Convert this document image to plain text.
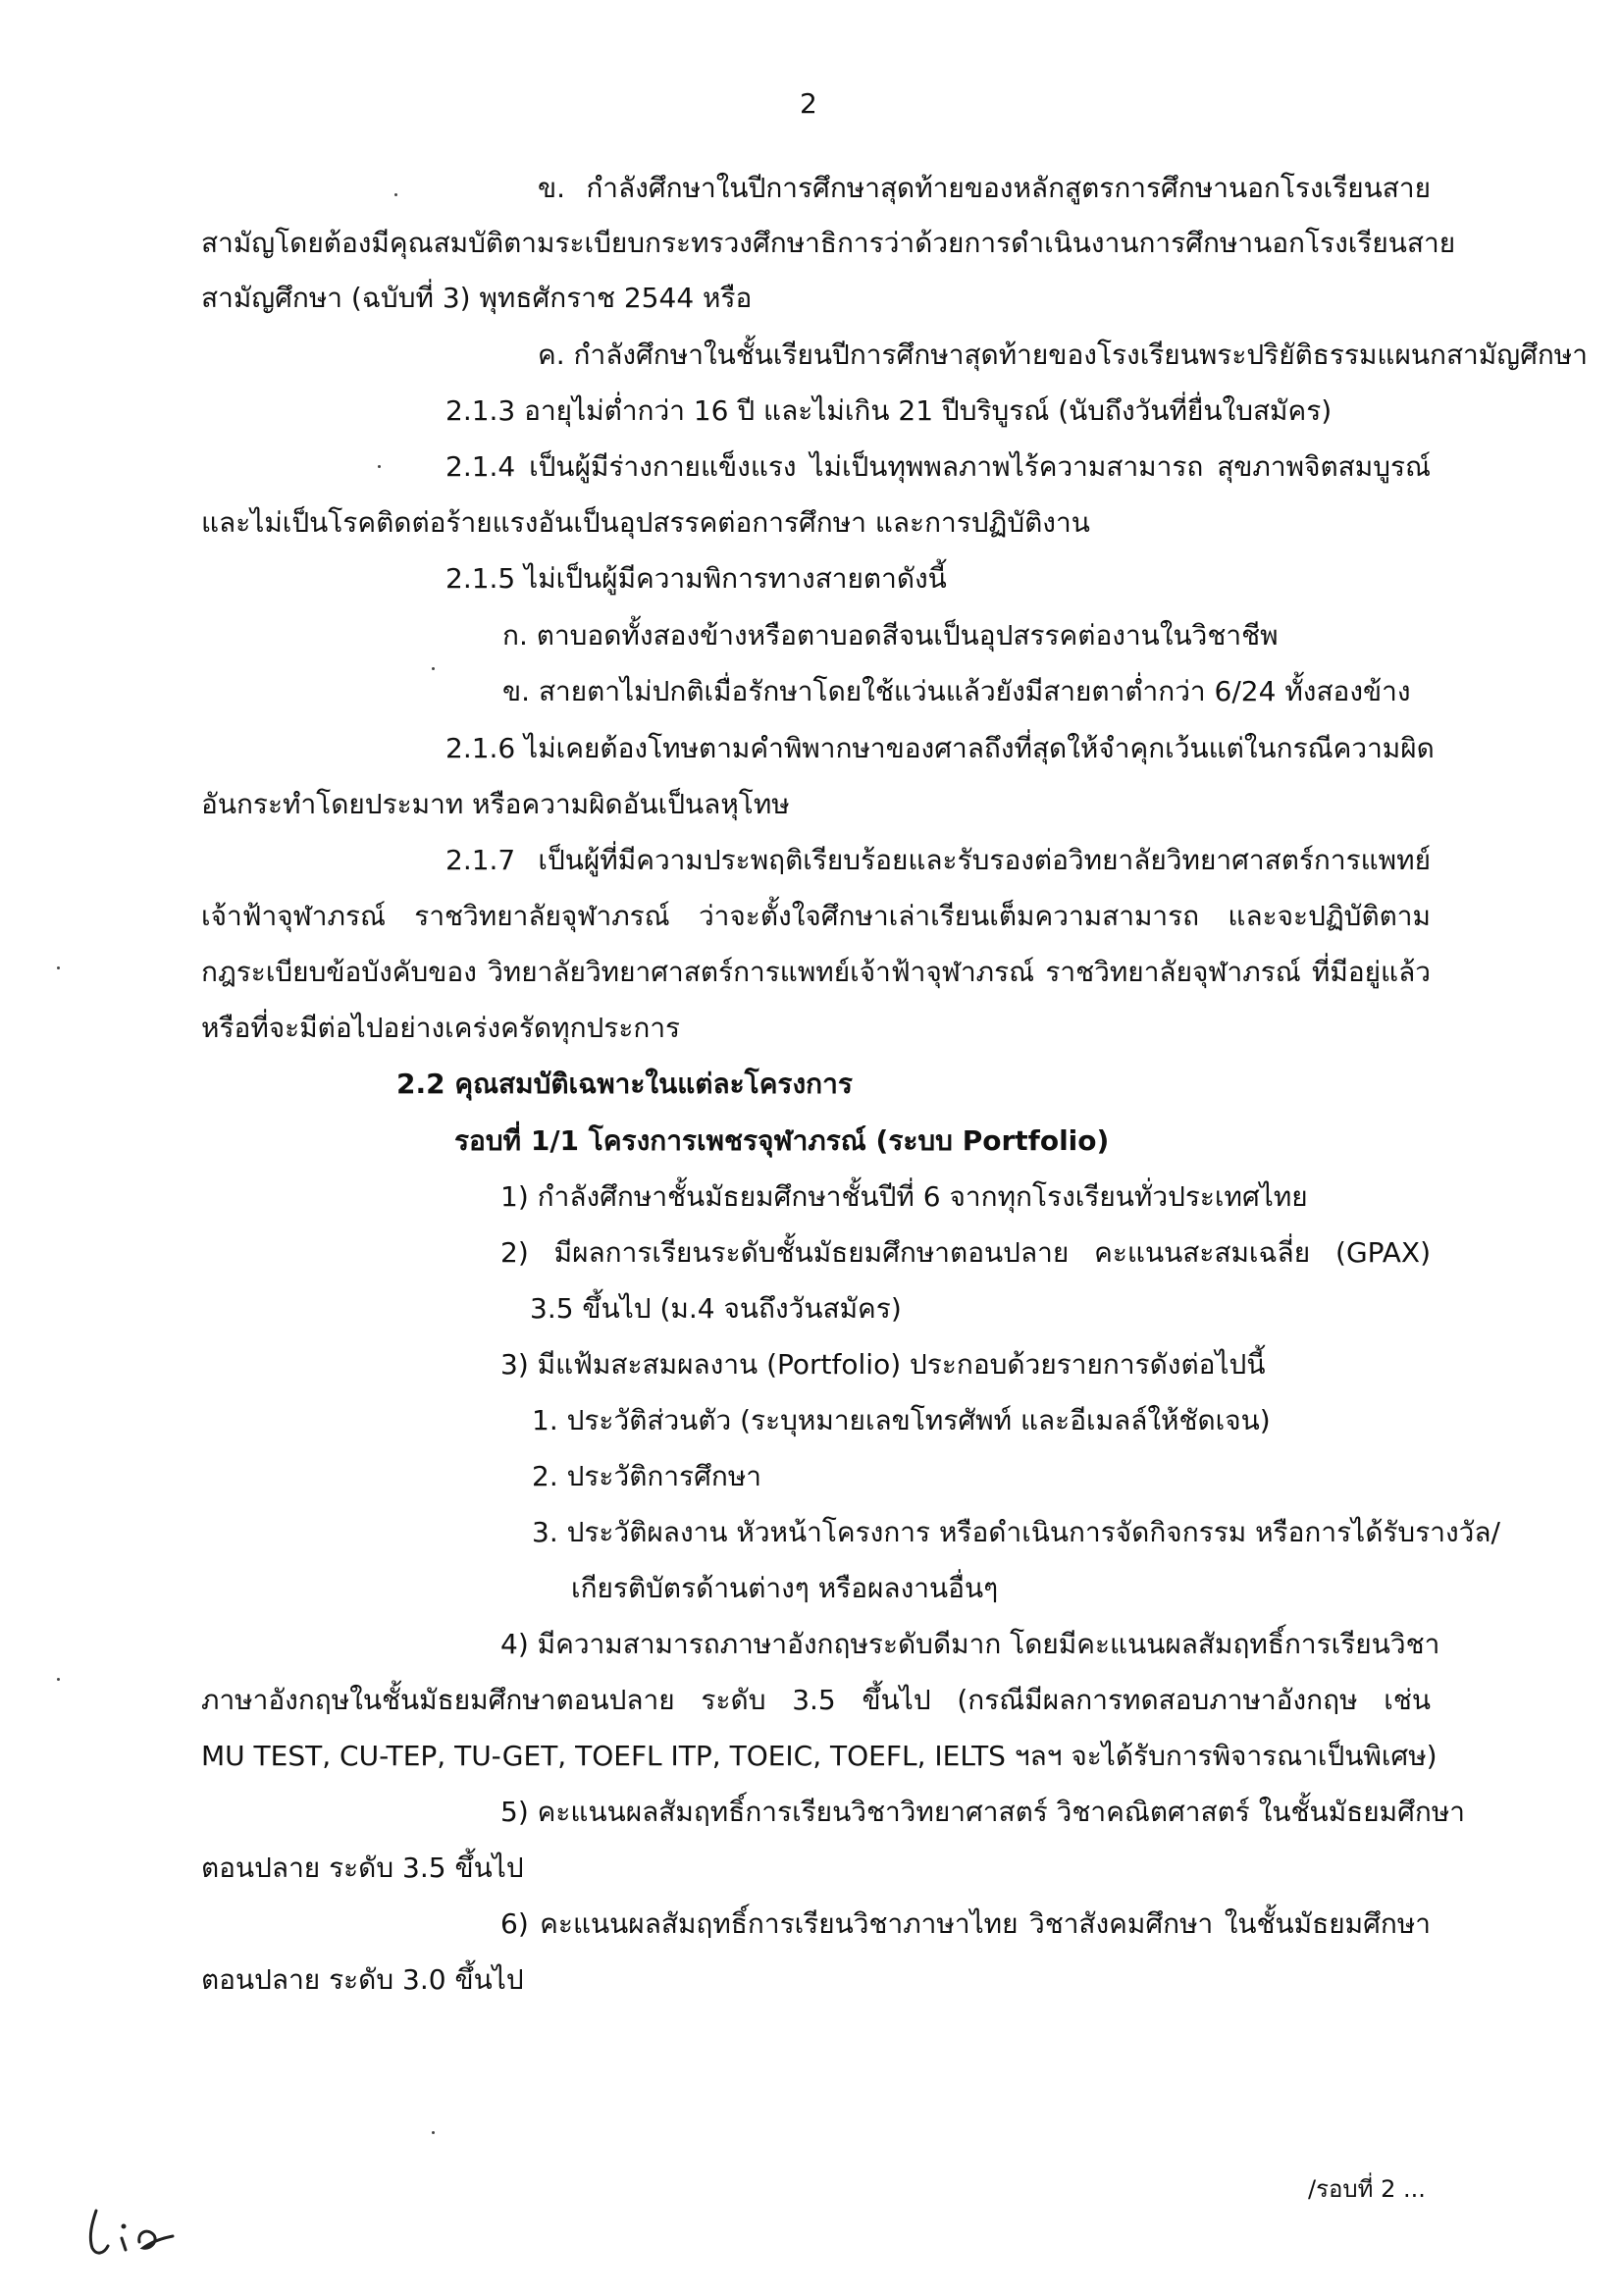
2
ข. กำลังศึกษาในปีการศึกษาสุดท้ายของหลักสูตรการศึกษานอกโรงเรียนสาย
สามัญโดยต้องมีคุณสมบัติตามระเบียบกระทรวงศึกษาธิการว่าด้วยการดำเนินงานการศึกษานอกโรงเรียนสาย
สามัญศึกษา (ฉบับที่ 3) พุทธศักราช 2544 หรือ
ค. กำลังศึกษาในชั้นเรียนปีการศึกษาสุดท้ายของโรงเรียนพระปริยัติธรรมแผนกสามัญศึกษา
2.1.3 อายุไม่ต่ำกว่า 16 ปี และไม่เกิน 21 ปีบริบูรณ์ (นับถึงวันที่ยื่นใบสมัคร)
2.1.4 เป็นผู้มีร่างกายแข็งแรง ไม่เป็นทุพพลภาพไร้ความสามารถ สุขภาพจิตสมบูรณ์
และไม่เป็นโรคติดต่อร้ายแรงอันเป็นอุปสรรคต่อการศึกษา และการปฏิบัติงาน
2.1.5 ไม่เป็นผู้มีความพิการทางสายตาดังนี้
ก. ตาบอดทั้งสองข้างหรือตาบอดสีจนเป็นอุปสรรคต่องานในวิชาชีพ
ข. สายตาไม่ปกติเมื่อรักษาโดยใช้แว่นแล้วยังมีสายตาต่ำกว่า 6/24 ทั้งสองข้าง
2.1.6 ไม่เคยต้องโทษตามคำพิพากษาของศาลถึงที่สุดให้จำคุกเว้นแต่ในกรณีความผิด
อันกระทำโดยประมาท หรือความผิดอันเป็นลหุโทษ
2.1.7 เป็นผู้ที่มีความประพฤติเรียบร้อยและรับรองต่อวิทยาลัยวิทยาศาสตร์การแพทย์
เจ้าฟ้าจุฬาภรณ์ ราชวิทยาลัยจุฬาภรณ์ ว่าจะตั้งใจศึกษาเล่าเรียนเต็มความสามารถ และจะปฏิบัติตาม
กฎระเบียบข้อบังคับของ วิทยาลัยวิทยาศาสตร์การแพทย์เจ้าฟ้าจุฬาภรณ์ ราชวิทยาลัยจุฬาภรณ์ ที่มีอยู่แล้ว
หรือที่จะมีต่อไปอย่างเคร่งครัดทุกประการ
2.2 คุณสมบัติเฉพาะในแต่ละโครงการ
รอบที่ 1/1 โครงการเพชรจุฬาภรณ์ (ระบบ Portfolio)
1) กำลังศึกษาชั้นมัธยมศึกษาชั้นปีที่ 6 จากทุกโรงเรียนทั่วประเทศไทย
2) มีผลการเรียนระดับชั้นมัธยมศึกษาตอนปลาย คะแนนสะสมเฉลี่ย (GPAX)
3.5 ขึ้นไป (ม.4 จนถึงวันสมัคร)
3) มีแฟ้มสะสมผลงาน (Portfolio) ประกอบด้วยรายการดังต่อไปนี้
1. ประวัติส่วนตัว (ระบุหมายเลขโทรศัพท์ และอีเมลล์ให้ชัดเจน)
2. ประวัติการศึกษา
3. ประวัติผลงาน หัวหน้าโครงการ หรือดำเนินการจัดกิจกรรม หรือการได้รับรางวัล/
เกียรติบัตรด้านต่างๆ หรือผลงานอื่นๆ
4) มีความสามารถภาษาอังกฤษระดับดีมาก โดยมีคะแนนผลสัมฤทธิ์การเรียนวิชา
ภาษาอังกฤษในชั้นมัธยมศึกษาตอนปลาย ระดับ 3.5 ขึ้นไป (กรณีมีผลการทดสอบภาษาอังกฤษ เช่น
MU TEST, CU-TEP, TU-GET, TOEFL ITP, TOEIC, TOEFL, IELTS ฯลฯ จะได้รับการพิจารณาเป็นพิเศษ)
5) คะแนนผลสัมฤทธิ์การเรียนวิชาวิทยาศาสตร์ วิชาคณิตศาสตร์ ในชั้นมัธยมศึกษา
ตอนปลาย ระดับ 3.5 ขึ้นไป
6) คะแนนผลสัมฤทธิ์การเรียนวิชาภาษาไทย วิชาสังคมศึกษา ในชั้นมัธยมศึกษา
ตอนปลาย ระดับ 3.0 ขึ้นไป
/รอบที่ 2 ...
